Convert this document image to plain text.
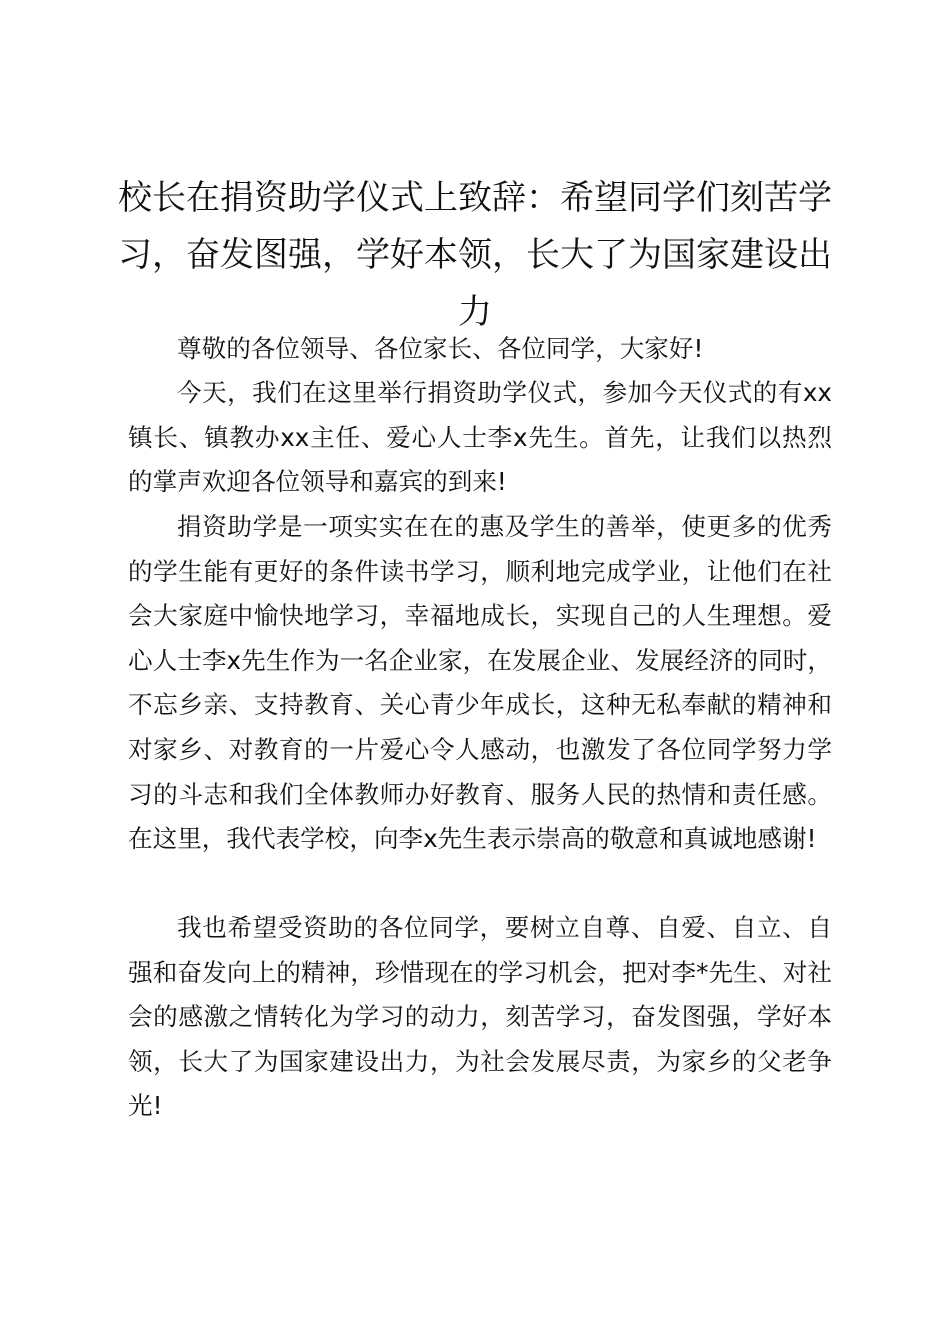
校长在捐资助学仪式上致辞：希望同学们刻苦学习，奋发图强，学好本领，长大了为国家建设出力

尊敬的各位领导、各位家长、各位同学，大家好!

今天，我们在这里举行捐资助学仪式，参加今天仪式的有xx镇长、镇教办xx主任、爱心人士李x先生。首先，让我们以热烈的掌声欢迎各位领导和嘉宾的到来!

捐资助学是一项实实在在的惠及学生的善举，使更多的优秀的学生能有更好的条件读书学习，顺利地完成学业，让他们在社会大家庭中愉快地学习，幸福地成长，实现自己的人生理想。爱心人士李x先生作为一名企业家，在发展企业、发展经济的同时，不忘乡亲、支持教育、关心青少年成长，这种无私奉献的精神和对家乡、对教育的一片爱心令人感动，也激发了各位同学努力学习的斗志和我们全体教师办好教育、服务人民的热情和责任感。在这里，我代表学校，向李x先生表示崇高的敬意和真诚地感谢!

我也希望受资助的各位同学，要树立自尊、自爱、自立、自强和奋发向上的精神，珍惜现在的学习机会，把对李*先生、对社会的感激之情转化为学习的动力，刻苦学习，奋发图强，学好本领，长大了为国家建设出力，为社会发展尽责，为家乡的父老争光!
